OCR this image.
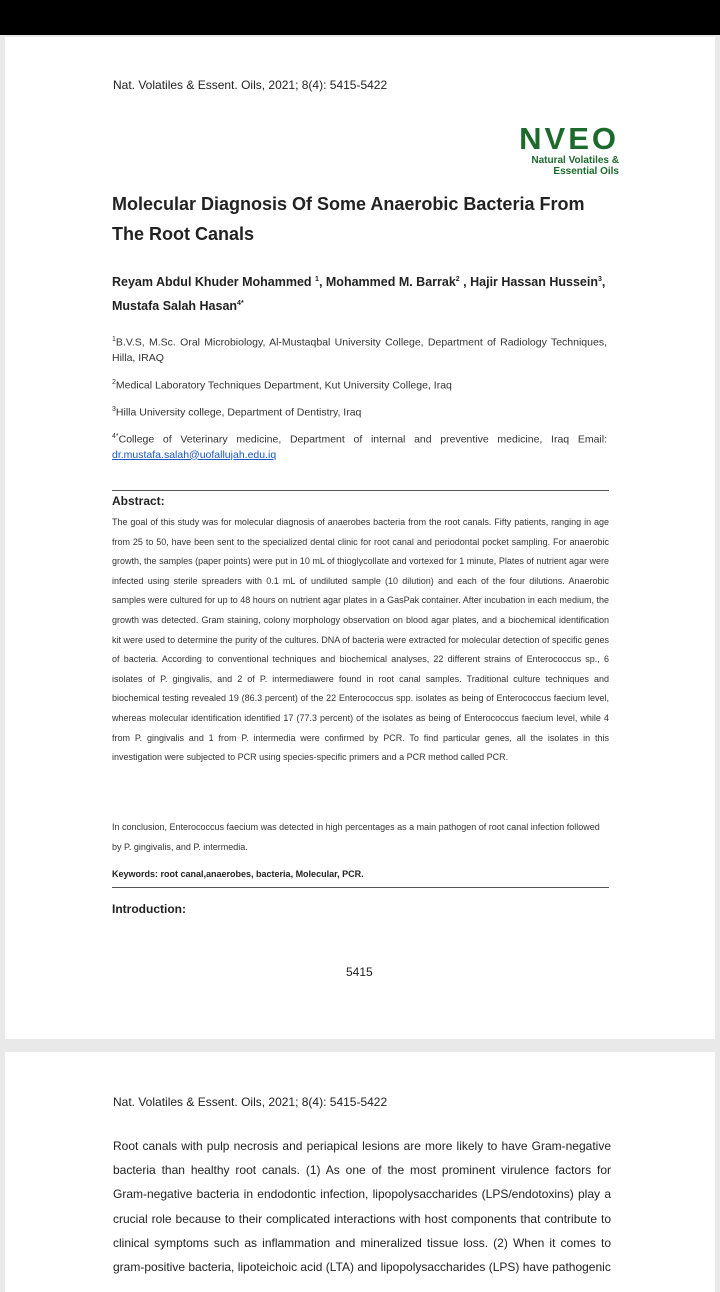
Nat. Volatiles & Essent. Oils, 2021; 8(4): 5415-5422
NVEO
Natural Volatiles &
Essential Oils
Molecular Diagnosis Of Some Anaerobic Bacteria From The Root Canals
Reyam Abdul Khuder Mohammed $^1$, Mohammed M. Barrak$^2$ , Hajir Hassan Hussein$^3$, Mustafa Salah Hasan$^{4*}$
$^1$B.V.S, M.Sc. Oral Microbiology, Al-Mustaqbal University College, Department of Radiology Techniques, Hilla, IRAQ
$^2$Medical Laboratory Techniques Department, Kut University College, Iraq
$^3$Hilla University college, Department of Dentistry, Iraq
$^{4*}$College of Veterinary medicine, Department of internal and preventive medicine, Iraq Email: dr.mustafa.salah@uofallujah.edu.iq
Abstract:
The goal of this study was for molecular diagnosis of anaerobes bacteria from the root canals. Fifty patients, ranging in age from 25 to 50, have been sent to the specialized dental clinic for root canal and periodontal pocket sampling. For anaerobic growth, the samples (paper points) were put in 10 mL of thioglycollate and vortexed for 1 minute, Plates of nutrient agar were infected using sterile spreaders with 0.1 mL of undiluted sample (10 dilution) and each of the four dilutions. Anaerobic samples were cultured for up to 48 hours on nutrient agar plates in a GasPak container. After incubation in each medium, the growth was detected. Gram staining, colony morphology observation on blood agar plates, and a biochemical identification kit were used to determine the purity of the cultures. DNA of bacteria were extracted for molecular detection of specific genes of bacteria. According to conventional techniques and biochemical analyses, 22 different strains of Enterococcus sp., 6 isolates of P. gingivalis, and 2 of P. intermediawere found in root canal samples. Traditional culture techniques and biochemical testing revealed 19 (86.3 percent) of the 22 Enterococcus spp. isolates as being of Enterococcus faecium level, whereas molecular identification identified 17 (77.3 percent) of the isolates as being of Enterococcus faecium level, while 4 from P. gingivalis and 1 from P. intermedia were confirmed by PCR. To find particular genes, all the isolates in this investigation were subjected to PCR using species-specific primers and a PCR method called PCR.
In conclusion, Enterococcus faecium was detected in high percentages as a main pathogen of root canal infection followed by P. gingivalis, and P. intermedia.
Keywords: root canal,anaerobes, bacteria, Molecular, PCR.
Introduction:
5415
Nat. Volatiles & Essent. Oils, 2021; 8(4): 5415-5422
Root canals with pulp necrosis and periapical lesions are more likely to have Gram-negative bacteria than healthy root canals. (1) As one of the most prominent virulence factors for Gram-negative bacteria in endodontic infection, lipopolysaccharides (LPS/endotoxins) play a crucial role because to their complicated interactions with host components that contribute to clinical symptoms such as inflammation and mineralized tissue loss. (2) When it comes to gram-positive bacteria, lipoteichoic acid (LTA) and lipopolysaccharides (LPS) have pathogenic
